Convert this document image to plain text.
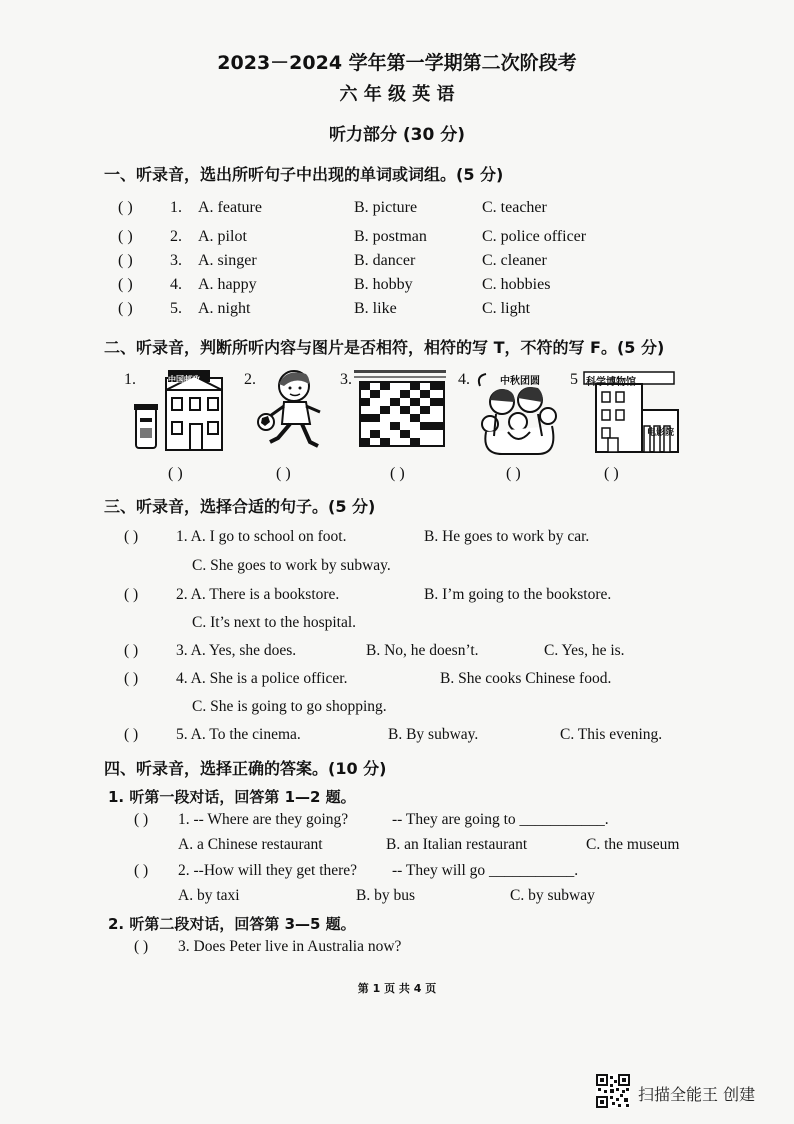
2023－2024 学年第一学期第二次阶段考
六 年 级 英 语
听力部分 (30 分)
一、听录音，选出所听句子中出现的单词或词组。(5 分)
( ) 1. A. feature	B. picture	C. teacher
( ) 2. A. pilot	B. postman	C. police officer
( ) 3. A. singer	B. dancer	C. cleaner
( ) 4. A. happy	B. hobby	C. hobbies
( ) 5. A. night	B. like	C. light
二、听录音，判断所听内容与图片是否相符，相符的写 T，不符的写 F。(5 分)
1.	中国邮政	2.	3.	4.	中秋团圆 5 科学博物馆
电影院
( )	( )	( )	( )	( )
三、听录音，选择合适的句子。(5 分)
( ) 1. A. I go to school on foot.	B. He goes to work by car.
C. She goes to work by subway.
( ) 2. A. There is a bookstore.	B. I’m going to the bookstore.
C. It’s next to the hospital.
( ) 3. A. Yes, she does.	B. No, he doesn’t.	C. Yes, he is.
( ) 4. A. She is a police officer.	B. She cooks Chinese food.
C. She is going to go shopping.
( ) 5. A. To the cinema.	B. By subway.	C. This evening.
四、听录音，选择正确的答案。(10 分)
1. 听第一段对话，回答第 1—2 题。
( ) 1. -- Where are they going?	-- They are going to ___________.
A. a Chinese restaurant	B. an Italian restaurant	C. the museum
( ) 2. --How will they get there? -- They will go ___________.
A. by taxi	B. by bus	C. by subway
2. 听第二段对话，回答第 3—5 题。
( ) 3. Does Peter live in Australia now?
第 1 页 共 4 页
扫描全能王 创建
